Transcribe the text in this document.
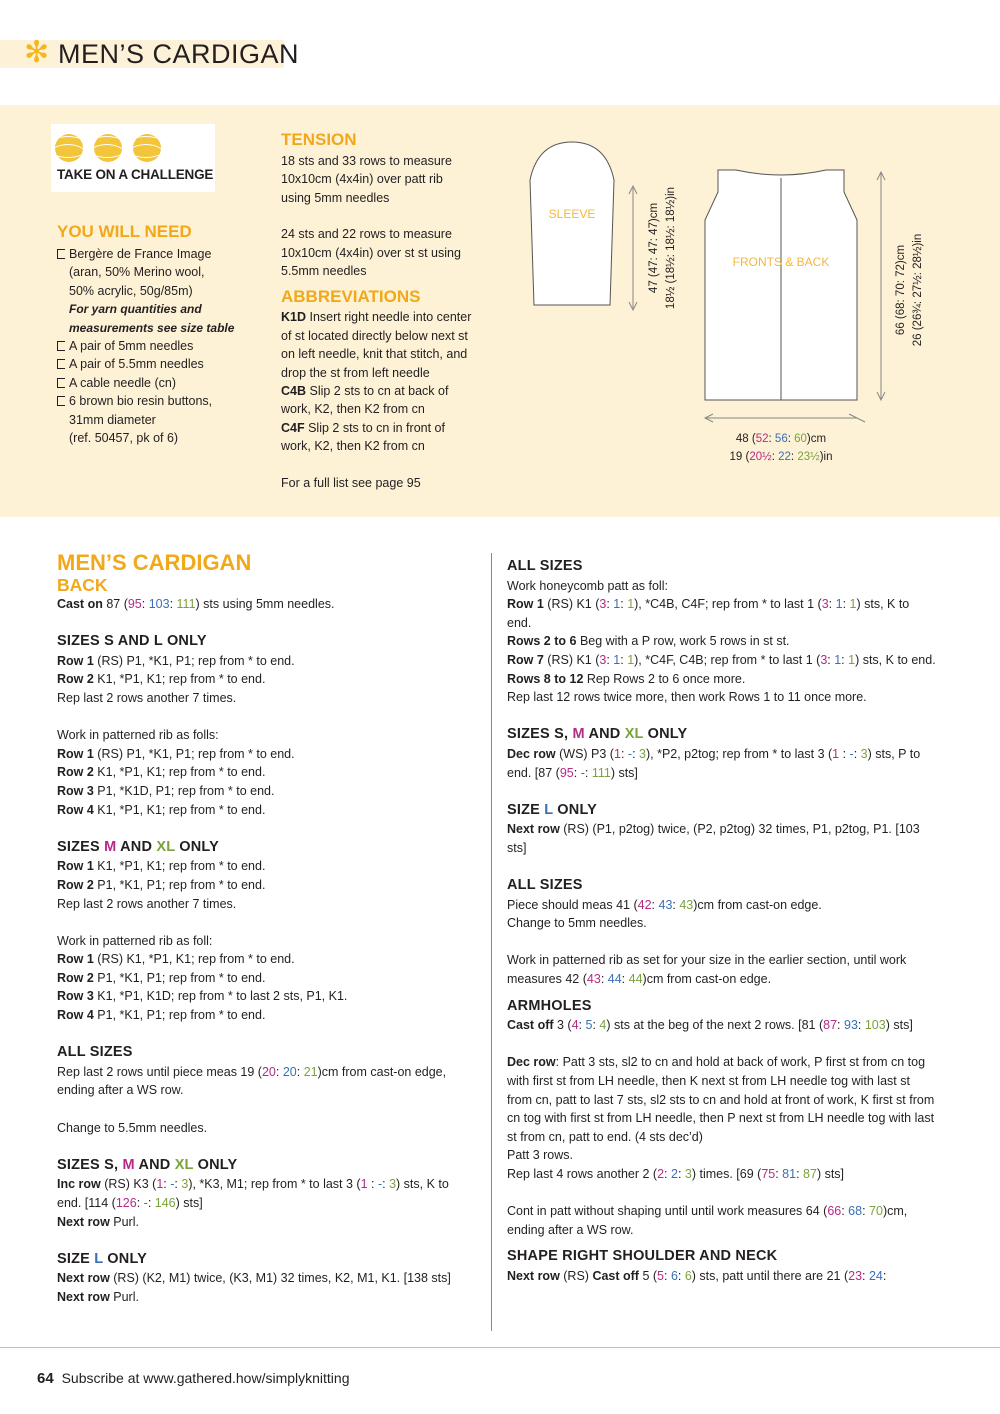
✻ MEN’S CARDIGAN
TAKE ON A CHALLENGE
YOU WILL NEED
Bergère de France Image
(aran, 50% Merino wool,
50% acrylic, 50g/85m)
For yarn quantities and
measurements see size table
A pair of 5mm needles
A pair of 5.5mm needles
A cable needle (cn)
6 brown bio resin buttons,
31mm diameter
(ref. 50457, pk of 6)
TENSION
18 sts and 33 rows to measure
10x10cm (4x4in) over patt rib
using 5mm needles
24 sts and 22 rows to measure
10x10cm (4x4in) over st st using
5.5mm needles
ABBREVIATIONS
K1D Insert right needle into center
of st located directly below next st
on left needle, knit that stitch, and
drop the st from left needle
C4B Slip 2 sts to cn at back of
work, K2, then K2 from cn
C4F Slip 2 sts to cn in front of
work, K2, then K2 from cn
For a full list see page 95
SLEEVE	47 (47: 47: 47)cm 18½ (18½: 18½: 18½)in	FRONTS & BACK	66 (68: 70: 72)cm 26 (26¾: 27½: 28½)in
48 (52: 56: 60)cm
19 (20½: 22: 23½)in
MEN’S CARDIGAN
BACK

Cast on 87 (95: 103: 111) sts using 5mm needles.

SIZES S AND L ONLY

Row 1 (RS) P1, *K1, P1; rep from * to end.

Row 2 K1, *P1, K1; rep from * to end.

Rep last 2 rows another 7 times.

Work in patterned rib as folls:

Row 1 (RS) P1, *K1, P1; rep from * to end.

Row 2 K1, *P1, K1; rep from * to end.

Row 3 P1, *K1D, P1; rep from * to end.

Row 4 K1, *P1, K1; rep from * to end.

SIZES M AND XL ONLY

Row 1 K1, *P1, K1; rep from * to end.

Row 2 P1, *K1, P1; rep from * to end.

Rep last 2 rows another 7 times.

Work in patterned rib as foll:

Row 1 (RS) K1, *P1, K1; rep from * to end.

Row 2 P1, *K1, P1; rep from * to end.

Row 3 K1, *P1, K1D; rep from * to last 2 sts, P1, K1.

Row 4 P1, *K1, P1; rep from * to end.

ALL SIZES

Rep last 2 rows until piece meas 19 (20: 20: 21)cm from cast-on edge, ending after a WS row.

Change to 5.5mm needles.

SIZES S, M AND XL ONLY

Inc row (RS) K3 (1: -: 3), *K3, M1; rep from * to last 3 (1 : -: 3) sts, K to end. [114 (126: -: 146) sts]

Next row Purl.

SIZE L ONLY

Next row (RS) (K2, M1) twice, (K3, M1) 32 times, K2, M1, K1. [138 sts]

Next row Purl.

ALL SIZES

Work honeycomb patt as foll:

Row 1 (RS) K1 (3: 1: 1), *C4B, C4F; rep from * to last 1 (3: 1: 1) sts, K to end.

Rows 2 to 6 Beg with a P row, work 5 rows in st st.

Row 7 (RS) K1 (3: 1: 1), *C4F, C4B; rep from * to last 1 (3: 1: 1) sts, K to end.

Rows 8 to 12 Rep Rows 2 to 6 once more.

Rep last 12 rows twice more, then work Rows 1 to 11 once more.

SIZES S, M AND XL ONLY

Dec row (WS) P3 (1: -: 3), *P2, p2tog; rep from * to last 3 (1 : -: 3) sts, P to end. [87 (95: -: 111) sts]

SIZE L ONLY

Next row (RS) (P1, p2tog) twice, (P2, p2tog) 32 times, P1, p2tog, P1. [103 sts]

ALL SIZES

Piece should meas 41 (42: 43: 43)cm from cast-on edge.

Change to 5mm needles.

Work in patterned rib as set for your size in the earlier section, until work measures 42 (43: 44: 44)cm from cast-on edge.

ARMHOLES

Cast off 3 (4: 5: 4) sts at the beg of the next 2 rows. [81 (87: 93: 103) sts]

Dec row: Patt 3 sts, sl2 to cn and hold at back of work, P first st from cn tog with first st from LH needle, then K next st from LH needle tog with last st from cn, patt to last 7 sts, sl2 sts to cn and hold at front of work, K first st from cn tog with first st from LH needle, then P next st from LH needle tog with last st from cn, patt to end. (4 sts dec’d)

Patt 3 rows.

Rep last 4 rows another 2 (2: 2: 3) times. [69 (75: 81: 87) sts]

Cont in patt without shaping until until work measures 64 (66: 68: 70)cm, ending after a WS row.

SHAPE RIGHT SHOULDER AND NECK

Next row (RS) Cast off 5 (5: 6: 6) sts, patt until there are 21 (23: 24:

64 Subscribe at www.gathered.how/simplyknitting
